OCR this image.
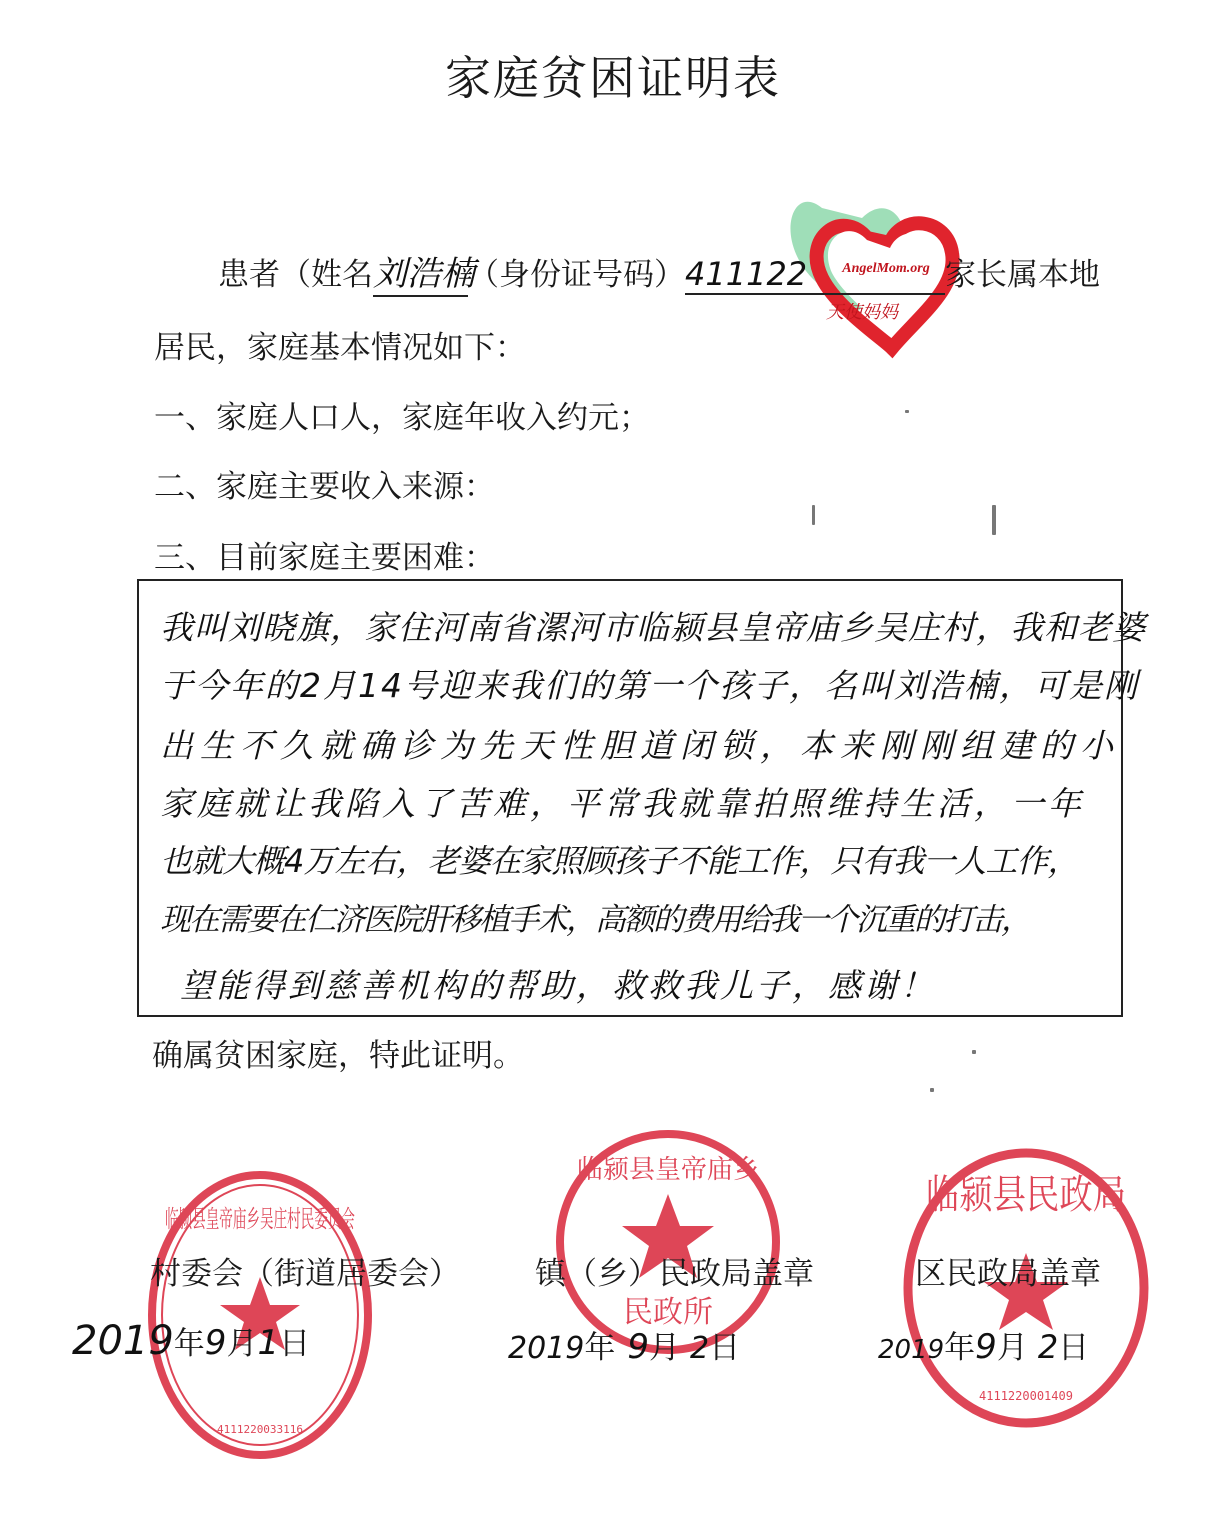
家庭贫困证明表
AngelMom.org
天使妈妈
患者（姓名刘浩楠（身份证号码）411122	家长属本地
居民，家庭基本情况如下：
一、家庭人口人，家庭年收入约元；
二、家庭主要收入来源：
三、目前家庭主要困难：
我叫刘晓旗，家住河南省漯河市临颍县皇帝庙乡吴庄村，我和老婆
于今年的2月14号迎来我们的第一个孩子，名叫刘浩楠，可是刚
出生不久就确诊为先天性胆道闭锁，本来刚刚组建的小
家庭就让我陷入了苦难，平常我就靠拍照维持生活，一年
也就大概4万左右，老婆在家照顾孩子不能工作，只有我一人工作，
现在需要在仁济医院肝移植手术，高额的费用给我一个沉重的打击，
望能得到慈善机构的帮助，救救我儿子，感谢！
确属贫困家庭，特此证明。
临颍县皇帝庙乡吴庄村民委员会
4111220033116
临颍县皇帝庙乡
民政所
临颍县民政局
4111220001409
村委会（街道居委会） 镇（乡）民政局盖章	区民政局盖章
2019年9月1日	2019年 9月 2日	2019年9月 2日
